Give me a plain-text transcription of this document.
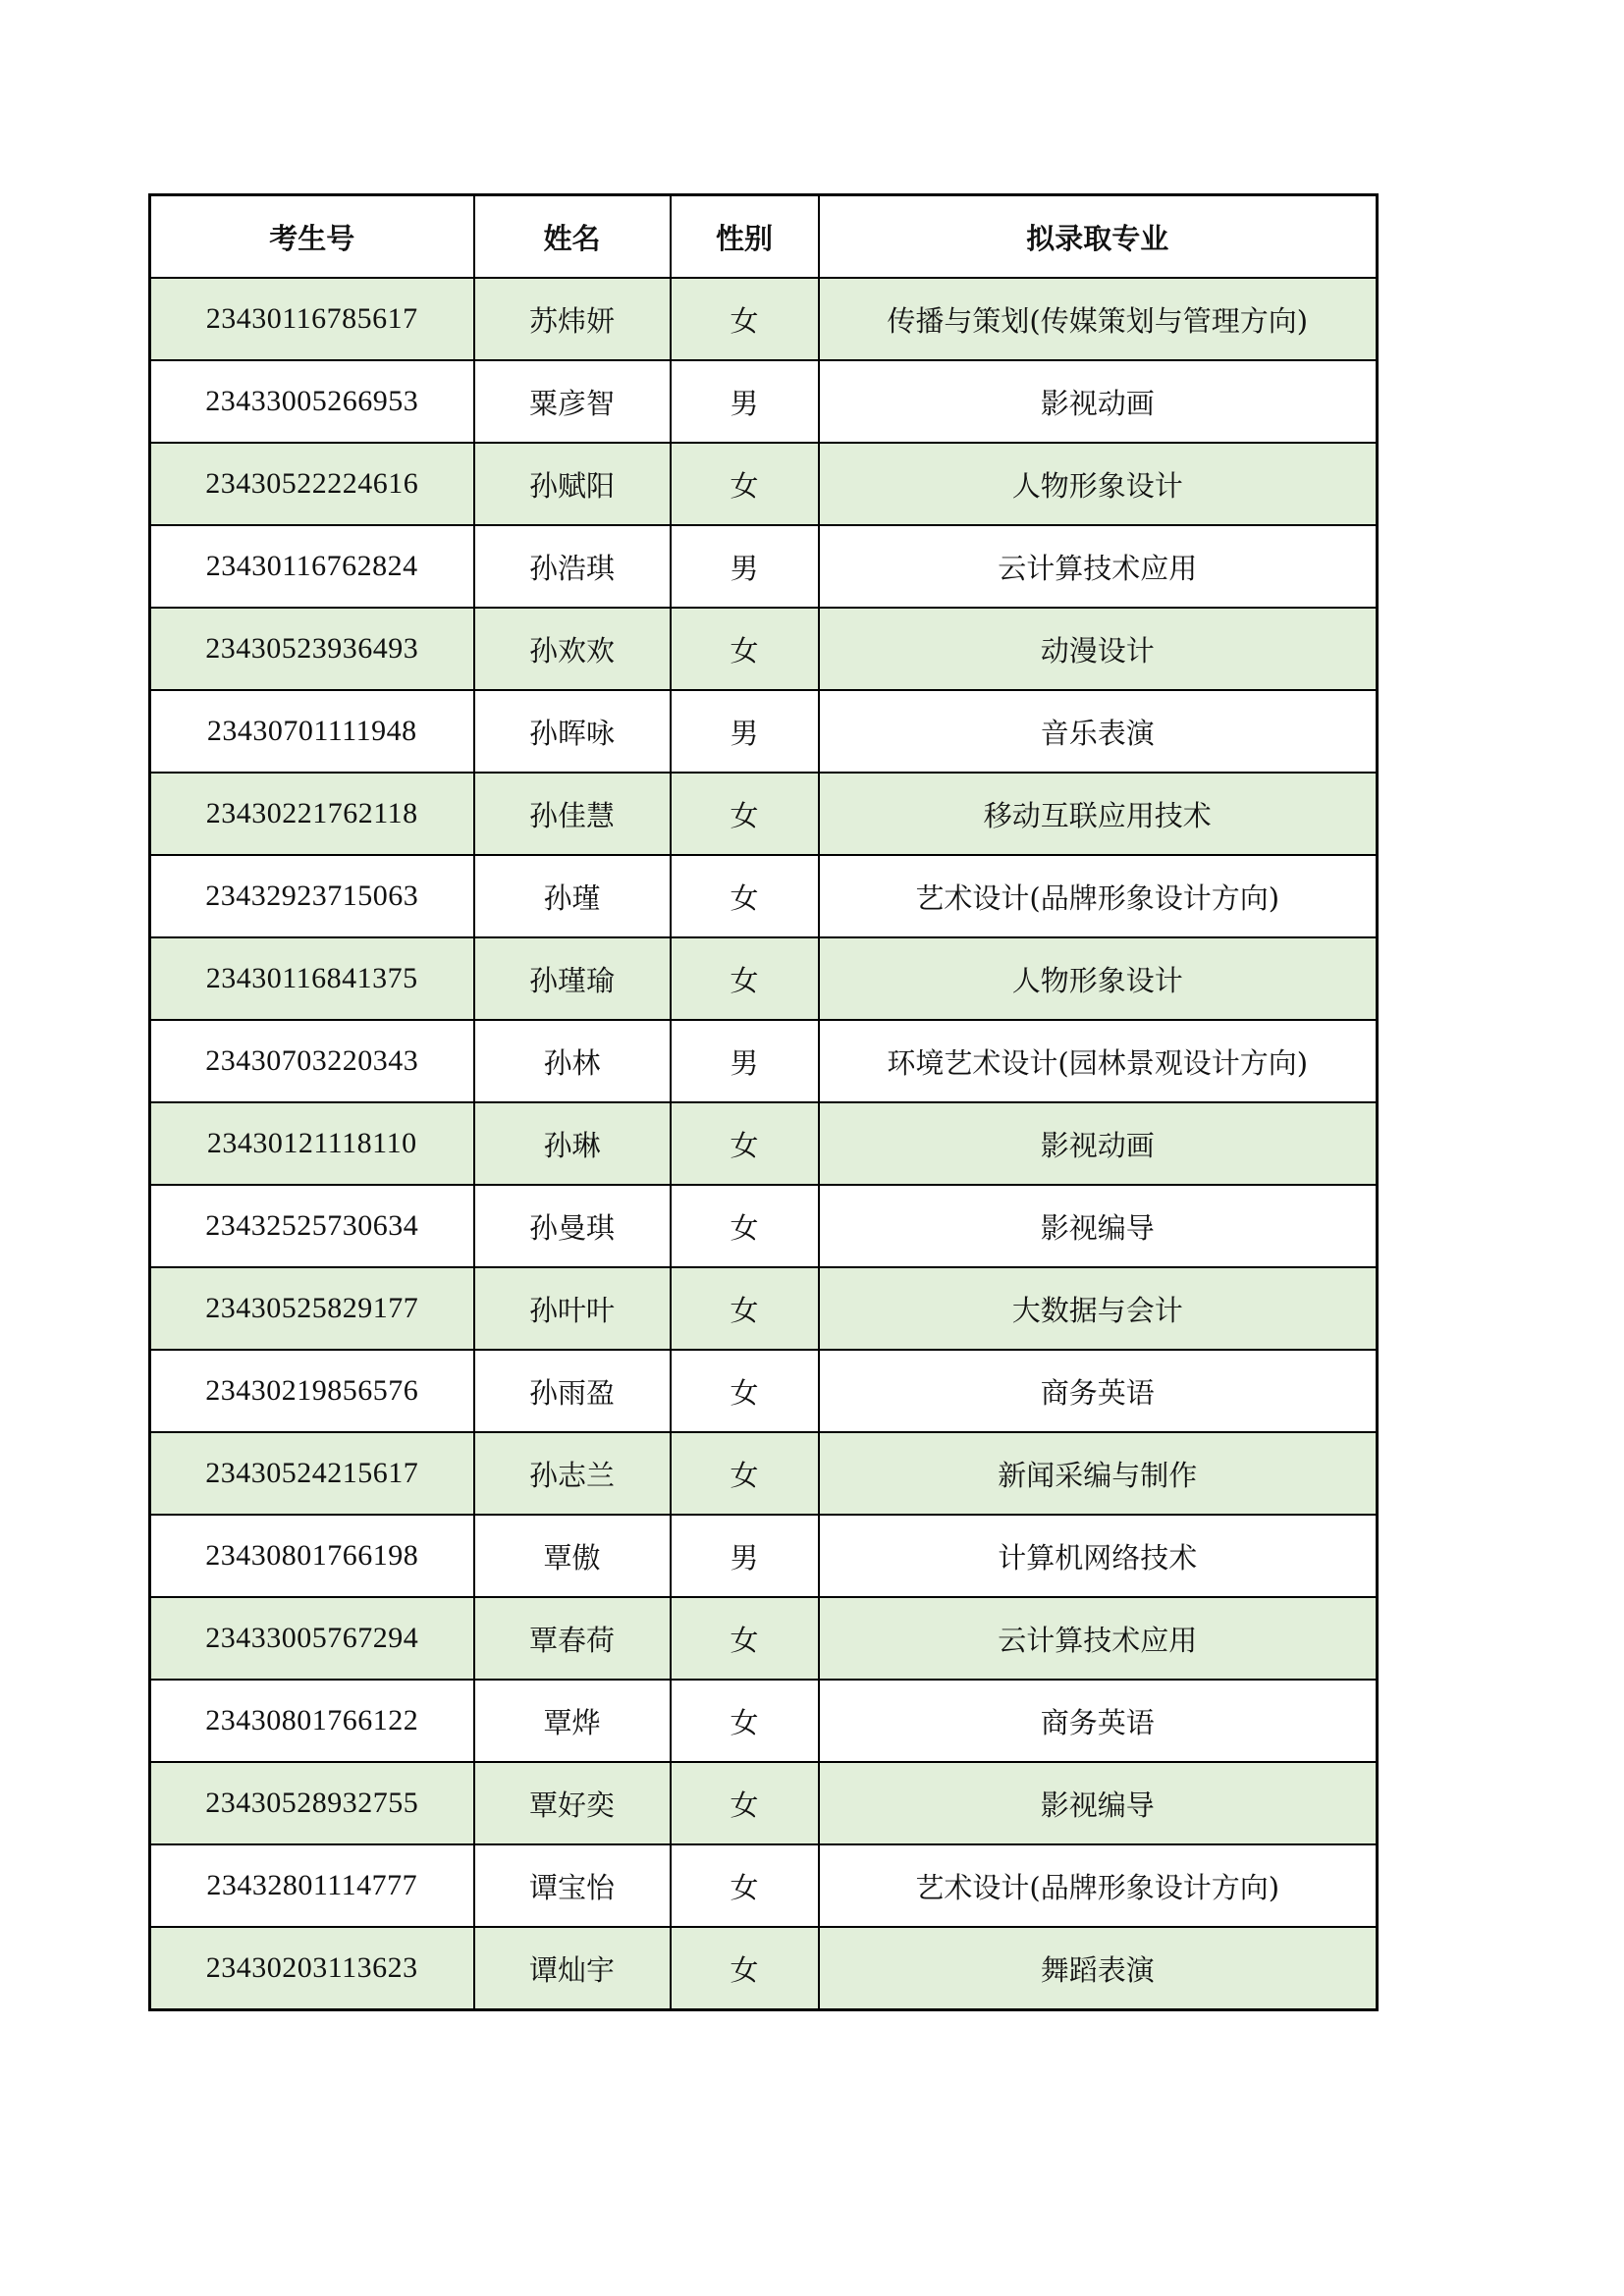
考生号	姓名	性别	拟录取专业
23430116785617	苏炜妍	女	传播与策划(传媒策划与管理方向)
23433005266953	粟彦智	男	影视动画
23430522224616	孙赋阳	女	人物形象设计
23430116762824	孙浩琪	男	云计算技术应用
23430523936493	孙欢欢	女	动漫设计
23430701111948	孙晖咏	男	音乐表演
23430221762118	孙佳慧	女	移动互联应用技术
23432923715063	孙瑾	女	艺术设计(品牌形象设计方向)
23430116841375	孙瑾瑜	女	人物形象设计
23430703220343	孙林	男	环境艺术设计(园林景观设计方向)
23430121118110	孙琳	女	影视动画
23432525730634	孙曼琪	女	影视编导
23430525829177	孙叶叶	女	大数据与会计
23430219856576	孙雨盈	女	商务英语
23430524215617	孙志兰	女	新闻采编与制作
23430801766198	覃傲	男	计算机网络技术
23433005767294	覃春荷	女	云计算技术应用
23430801766122	覃烨	女	商务英语
23430528932755	覃好奕	女	影视编导
23432801114777	谭宝怡	女	艺术设计(品牌形象设计方向)
23430203113623	谭灿宇	女	舞蹈表演
